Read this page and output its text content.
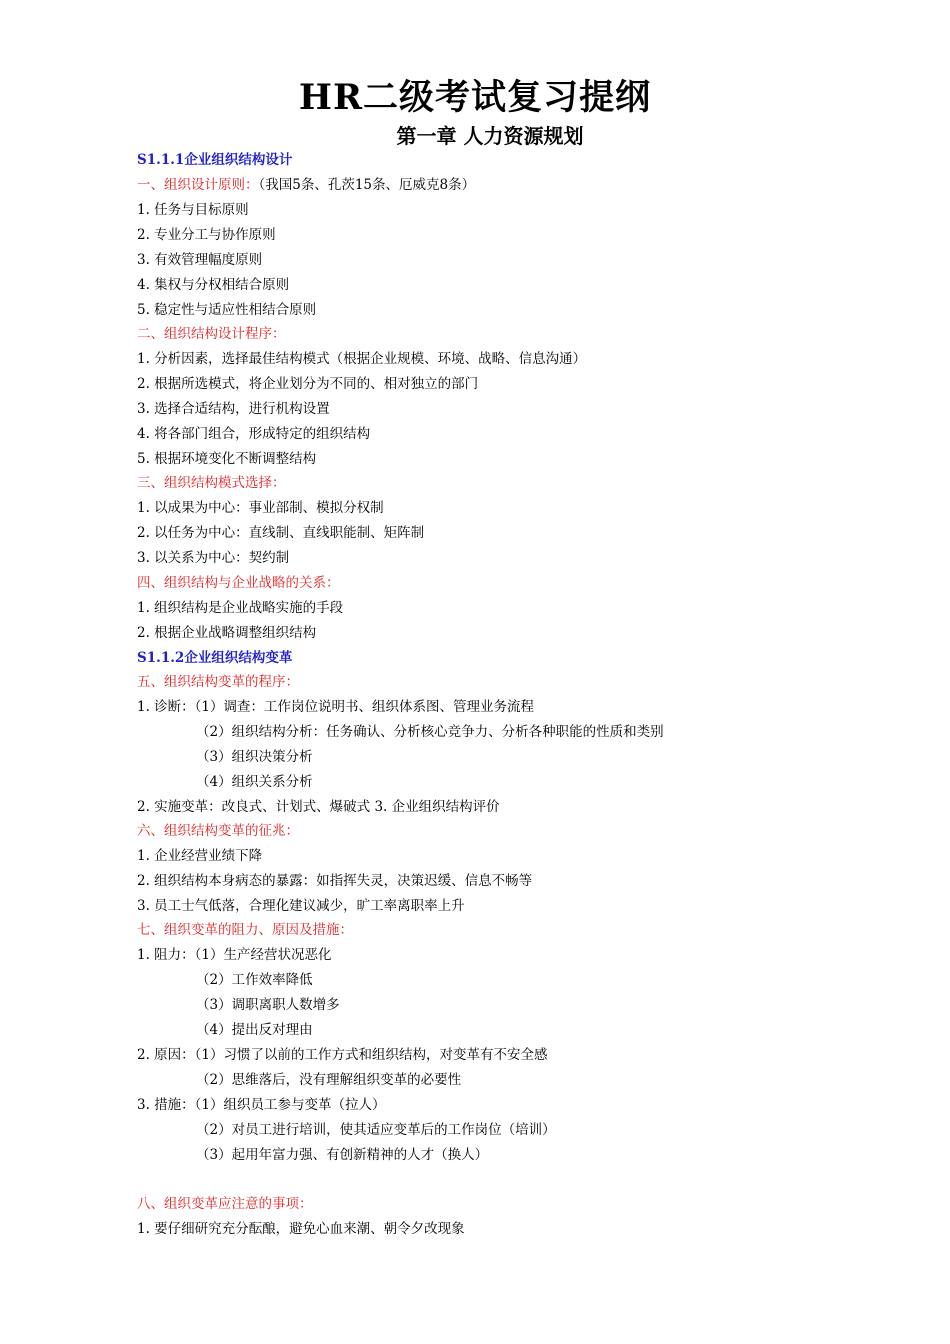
HR二级考试复习提纲
第一章 人力资源规划
S1.1.1企业组织结构设计
一、组织设计原则：（我国5条、孔茨15条、厄威克8条）
1. 任务与目标原则
2. 专业分工与协作原则
3. 有效管理幅度原则
4. 集权与分权相结合原则
5. 稳定性与适应性相结合原则
二、组织结构设计程序：
1. 分析因素，选择最佳结构模式（根据企业规模、环境、战略、信息沟通）
2. 根据所选模式，将企业划分为不同的、相对独立的部门
3. 选择合适结构，进行机构设置
4. 将各部门组合，形成特定的组织结构
5. 根据环境变化不断调整结构
三、组织结构模式选择：
1. 以成果为中心：事业部制、模拟分权制
2. 以任务为中心：直线制、直线职能制、矩阵制
3. 以关系为中心：契约制
四、组织结构与企业战略的关系：
1. 组织结构是企业战略实施的手段
2. 根据企业战略调整组织结构
S1.1.2企业组织结构变革
五、组织结构变革的程序：
1. 诊断：（1）调查：工作岗位说明书、组织体系图、管理业务流程
（2）组织结构分析：任务确认、分析核心竞争力、分析各种职能的性质和类别
（3）组织决策分析
（4）组织关系分析
2. 实施变革：改良式、计划式、爆破式 3. 企业组织结构评价
六、组织结构变革的征兆：
1. 企业经营业绩下降
2. 组织结构本身病态的暴露：如指挥失灵，决策迟缓、信息不畅等
3. 员工士气低落，合理化建议减少，旷工率离职率上升
七、组织变革的阻力、原因及措施：
1. 阻力：（1）生产经营状况恶化
（2）工作效率降低
（3）调职离职人数增多
（4）提出反对理由
2. 原因：（1）习惯了以前的工作方式和组织结构，对变革有不安全感
（2）思维落后，没有理解组织变革的必要性
3. 措施：（1）组织员工参与变革（拉人）
（2）对员工进行培训，使其适应变革后的工作岗位（培训）
（3）起用年富力强、有创新精神的人才（换人）
八、组织变革应注意的事项：
1. 要仔细研究充分酝酿，避免心血来潮、朝令夕改现象
